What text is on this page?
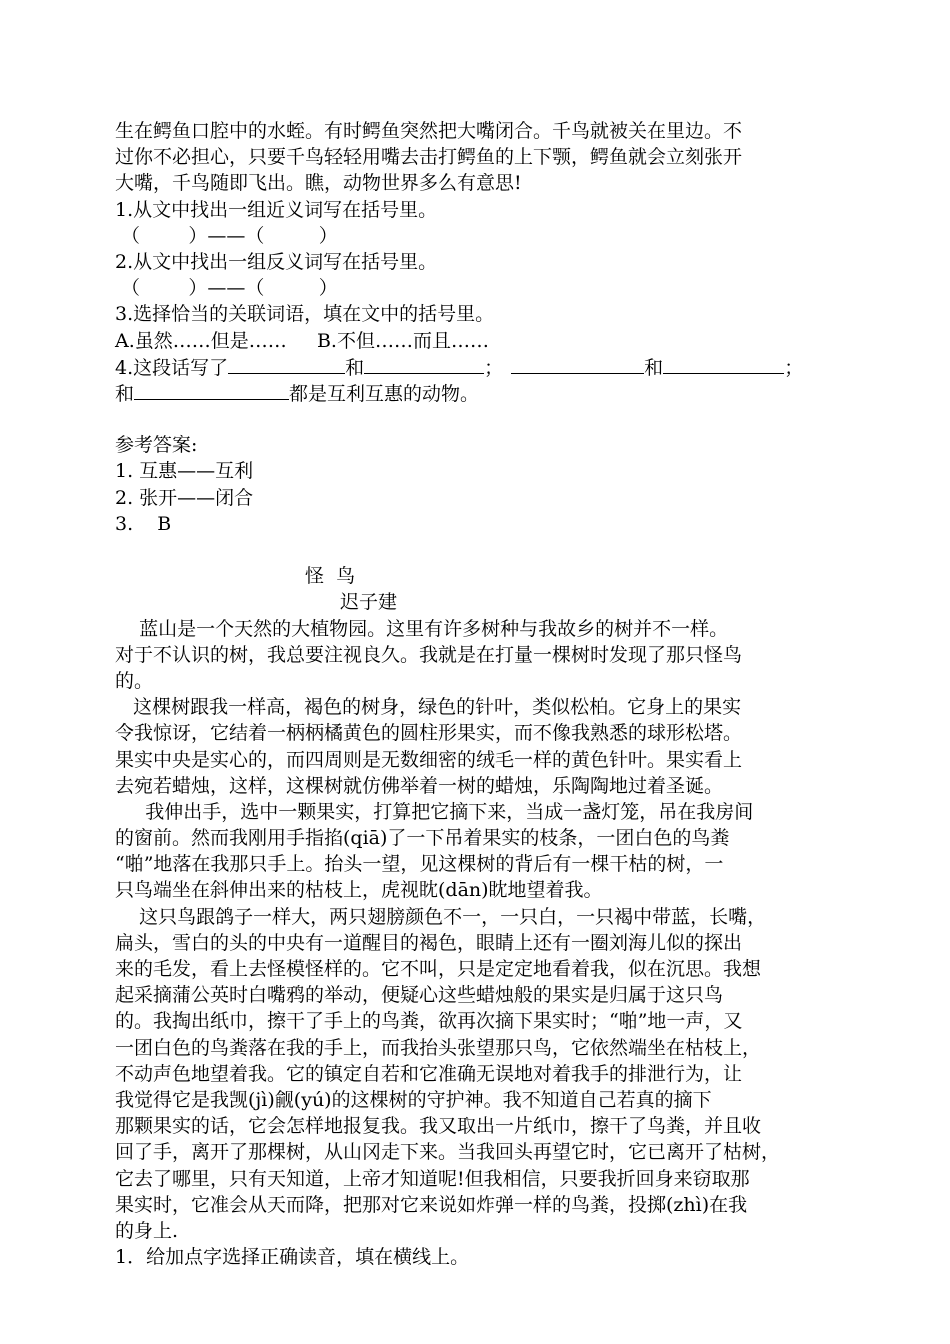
生在鳄鱼口腔中的水蛭。有时鳄鱼突然把大嘴闭合。千鸟就被关在里边。不
过你不必担心，只要千鸟轻轻用嘴去击打鳄鱼的上下颚，鳄鱼就会立刻张开
大嘴，千鸟随即飞出。瞧，动物世界多么有意思!
1.从文中找出一组近义词写在括号里。
（        ）——（         ）
2.从文中找出一组反义词写在括号里。
（        ）——（         ）
3.选择恰当的关联词语，填在文中的括号里。
A.虽然……但是……     B.不但……而且……
4.这段话写了	和	；	和	；
和	都是互利互惠的动物。
参考答案:
1. 互惠——互利
2. 张开——闭合
3.    B
怪  鸟
迟子建
蓝山是一个天然的大植物园。这里有许多树种与我故乡的树并不一样。
对于不认识的树，我总要注视良久。我就是在打量一棵树时发现了那只怪鸟
的。
这棵树跟我一样高，褐色的树身，绿色的针叶，类似松柏。它身上的果实
令我惊讶，它结着一柄柄橘黄色的圆柱形果实，而不像我熟悉的球形松塔。
果实中央是实心的，而四周则是无数细密的绒毛一样的黄色针叶。果实看上
去宛若蜡烛，这样，这棵树就仿佛举着一树的蜡烛，乐陶陶地过着圣诞。
我伸出手，选中一颗果实，打算把它摘下来，当成一盏灯笼，吊在我房间
的窗前。然而我刚用手指掐(qiā)了一下吊着果实的枝条，一团白色的鸟粪
“啪”地落在我那只手上。抬头一望，见这棵树的背后有一棵干枯的树，一
只鸟端坐在斜伸出来的枯枝上，虎视眈(dān)眈地望着我。
这只鸟跟鸽子一样大，两只翅膀颜色不一，一只白，一只褐中带蓝，长嘴，
扁头，雪白的头的中央有一道醒目的褐色，眼睛上还有一圈刘海儿似的探出
来的毛发，看上去怪模怪样的。它不叫，只是定定地看着我，似在沉思。我想
起采摘蒲公英时白嘴鸦的举动，便疑心这些蜡烛般的果实是归属于这只鸟
的。我掏出纸巾，擦干了手上的鸟粪，欲再次摘下果实时；“啪”地一声，又
一团白色的鸟粪落在我的手上，而我抬头张望那只鸟，它依然端坐在枯枝上，
不动声色地望着我。它的镇定自若和它准确无误地对着我手的排泄行为，让
我觉得它是我觊(jì)觎(yú)的这棵树的守护神。我不知道自己若真的摘下
那颗果实的话，它会怎样地报复我。我又取出一片纸巾，擦干了鸟粪，并且收
回了手，离开了那棵树，从山冈走下来。当我回头再望它时，它已离开了枯树，
它去了哪里，只有天知道，上帝才知道呢!但我相信，只要我折回身来窃取那
果实时，它准会从天而降，把那对它来说如炸弹一样的鸟粪，投掷(zhì)在我
的身上.
1．给加点字选择正确读音，填在横线上。
